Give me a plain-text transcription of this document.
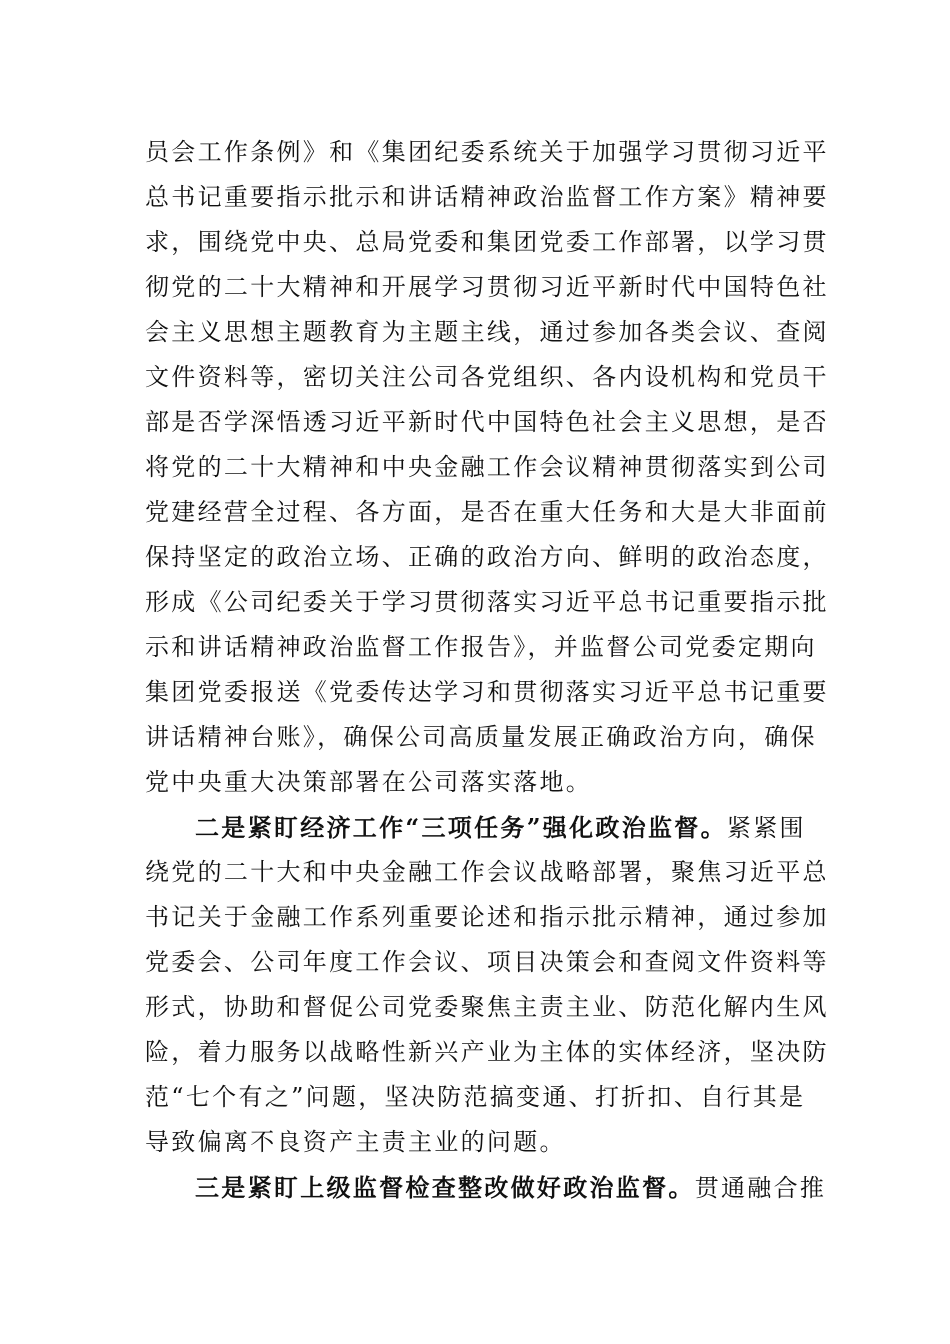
员会工作条例》和《集团纪委系统关于加强学习贯彻习近平
总书记重要指示批示和讲话精神政治监督工作方案》精神要
求，围绕党中央、总局党委和集团党委工作部署，以学习贯
彻党的二十大精神和开展学习贯彻习近平新时代中国特色社
会主义思想主题教育为主题主线，通过参加各类会议、查阅
文件资料等，密切关注公司各党组织、各内设机构和党员干
部是否学深悟透习近平新时代中国特色社会主义思想，是否
将党的二十大精神和中央金融工作会议精神贯彻落实到公司
党建经营全过程、各方面，是否在重大任务和大是大非面前
保持坚定的政治立场、正确的政治方向、鲜明的政治态度，
形成《公司纪委关于学习贯彻落实习近平总书记重要指示批
示和讲话精神政治监督工作报告》，并监督公司党委定期向
集团党委报送《党委传达学习和贯彻落实习近平总书记重要
讲话精神台账》，确保公司高质量发展正确政治方向，确保
党中央重大决策部署在公司落实落地。
二是紧盯经济工作“三项任务”强化政治监督。紧紧围
绕党的二十大和中央金融工作会议战略部署，聚焦习近平总
书记关于金融工作系列重要论述和指示批示精神，通过参加
党委会、公司年度工作会议、项目决策会和查阅文件资料等
形式，协助和督促公司党委聚焦主责主业、防范化解内生风
险，着力服务以战略性新兴产业为主体的实体经济，坚决防
范“七个有之”问题，坚决防范搞变通、打折扣、自行其是
导致偏离不良资产主责主业的问题。
三是紧盯上级监督检查整改做好政治监督。贯通融合推
